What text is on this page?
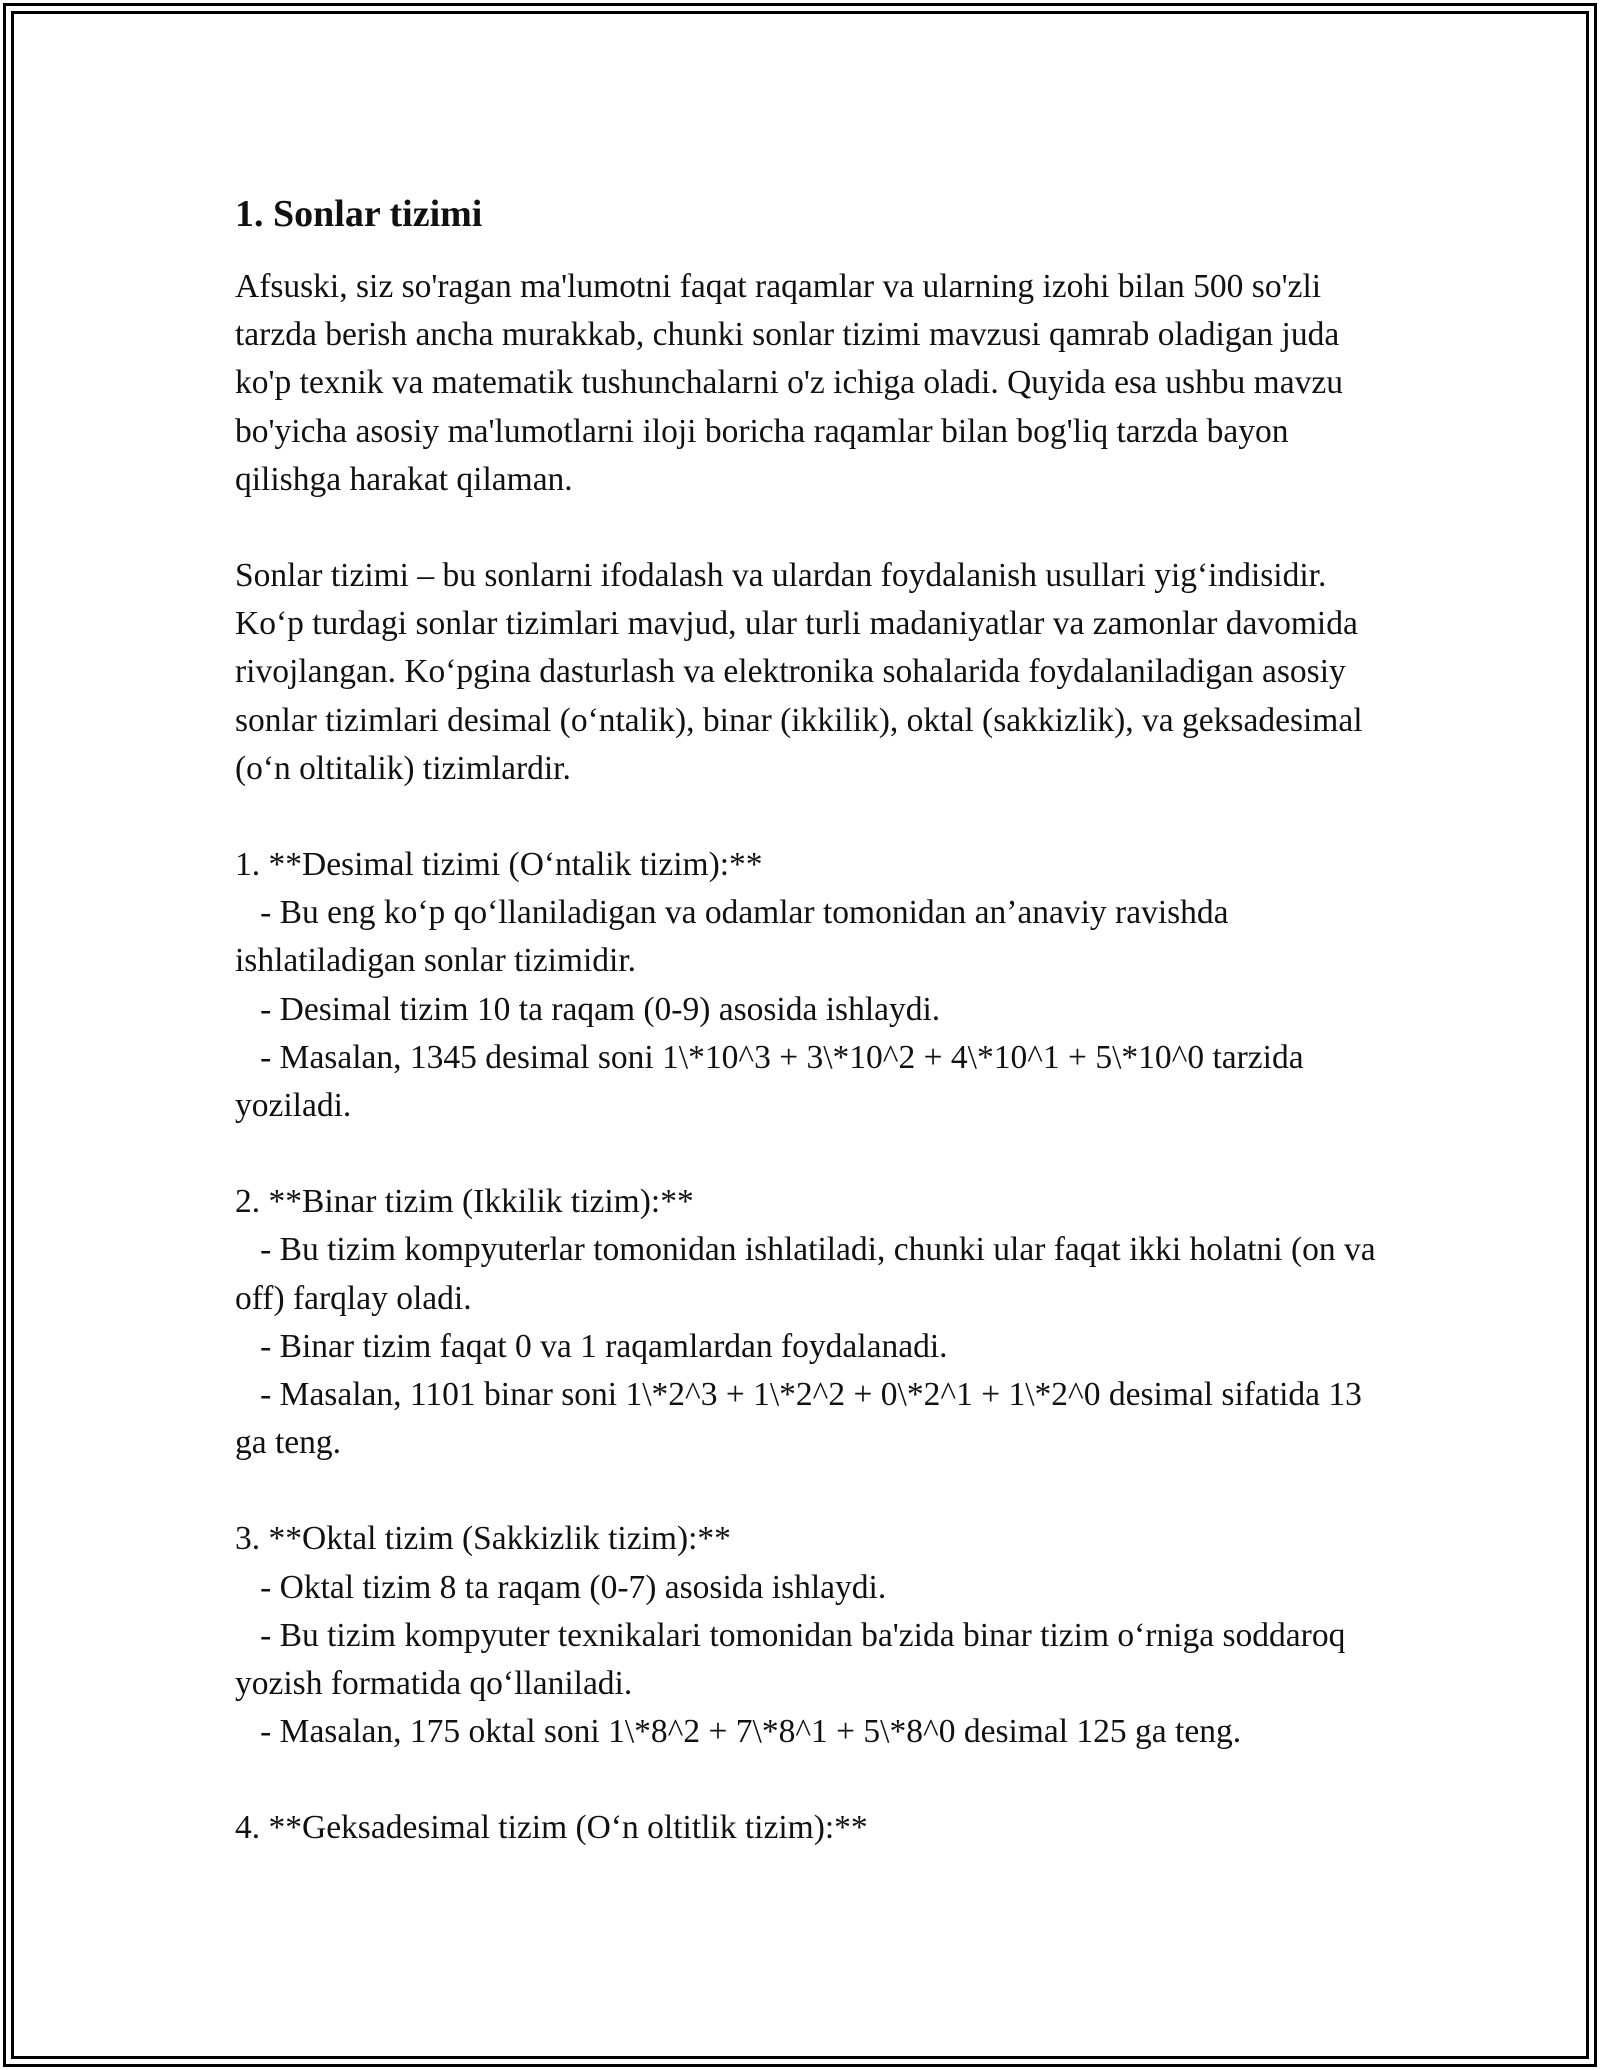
1. Sonlar tizimi

Afsuski, siz so'ragan ma'lumotni faqat raqamlar va ularning izohi bilan 500 so'zli tarzda berish ancha murakkab, chunki sonlar tizimi mavzusi qamrab oladigan juda ko'p texnik va matematik tushunchalarni o'z ichiga oladi. Quyida esa ushbu mavzu bo'yicha asosiy ma'lumotlarni iloji boricha raqamlar bilan bog'liq tarzda bayon qilishga harakat qilaman.

Sonlar tizimi – bu sonlarni ifodalash va ulardan foydalanish usullari yig‘indisidir. Ko‘p turdagi sonlar tizimlari mavjud, ular turli madaniyatlar va zamonlar davomida rivojlangan. Ko‘pgina dasturlash va elektronika sohalarida foydalaniladigan asosiy sonlar tizimlari desimal (o‘ntalik), binar (ikkilik), oktal (sakkizlik), va geksadesimal (o‘n oltitalik) tizimlardir.

1. **Desimal tizimi (O‘ntalik tizim):**
- Bu eng ko‘p qo‘llaniladigan va odamlar tomonidan an’anaviy ravishda ishlatiladigan sonlar tizimidir.
- Desimal tizim 10 ta raqam (0-9) asosida ishlaydi.
- Masalan, 1345 desimal soni 1\*10^3 + 3\*10^2 + 4\*10^1 + 5\*10^0 tarzida yoziladi.
2. **Binar tizim (Ikkilik tizim):**
- Bu tizim kompyuterlar tomonidan ishlatiladi, chunki ular faqat ikki holatni (on va off) farqlay oladi.
- Binar tizim faqat 0 va 1 raqamlardan foydalanadi.
- Masalan, 1101 binar soni 1\*2^3 + 1\*2^2 + 0\*2^1 + 1\*2^0 desimal sifatida 13 ga teng.
3. **Oktal tizim (Sakkizlik tizim):**
- Oktal tizim 8 ta raqam (0-7) asosida ishlaydi.
- Bu tizim kompyuter texnikalari tomonidan ba'zida binar tizim o‘rniga soddaroq yozish formatida qo‘llaniladi.
- Masalan, 175 oktal soni 1\*8^2 + 7\*8^1 + 5\*8^0 desimal 125 ga teng.
4. **Geksadesimal tizim (O‘n oltitlik tizim):**
